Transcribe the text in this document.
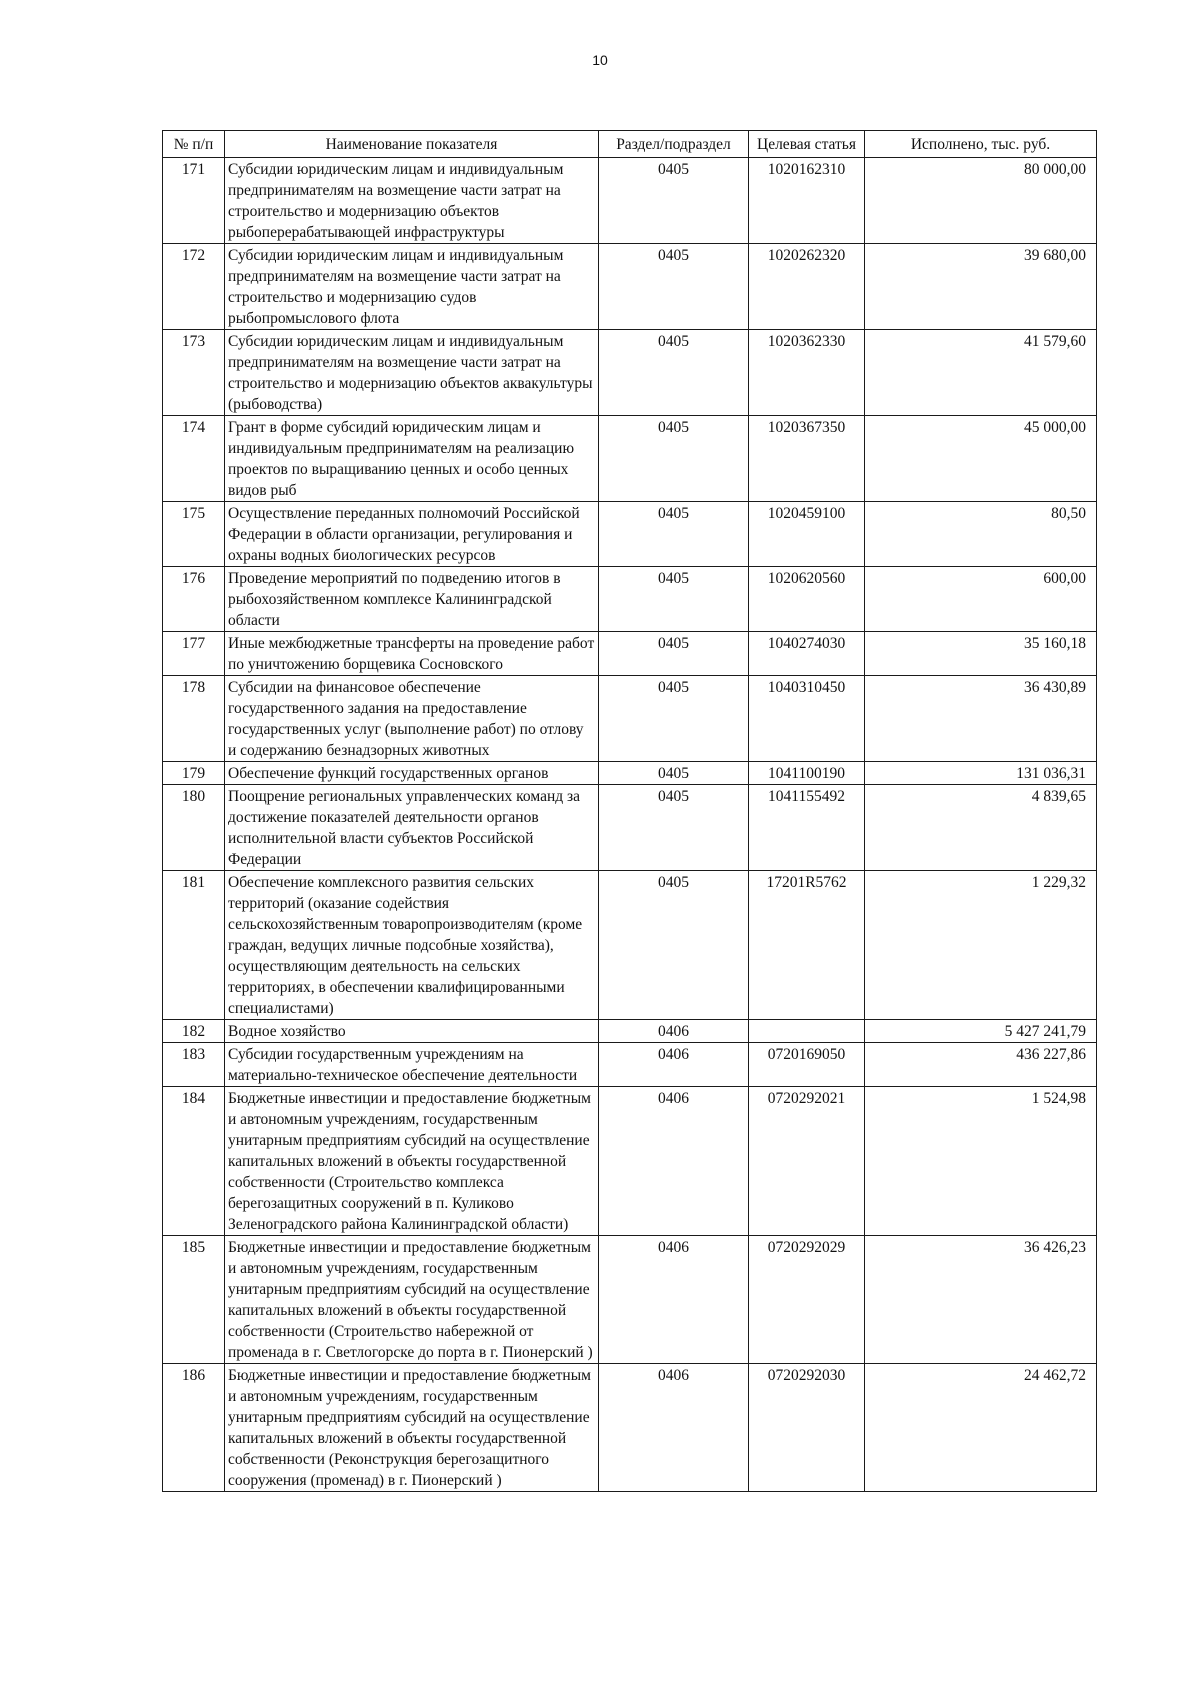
10
№ п/п	Наименование показателя	Раздел/подраздел	Целевая статья	Исполнено, тыс. руб.
171	Субсидии юридическим лицам и индивидуальным предпринимателям на возмещение части затрат на строительство и модернизацию объектов рыбоперерабатывающей инфраструктуры	0405	1020162310	80 000,00
172	Субсидии юридическим лицам и индивидуальным предпринимателям на возмещение части затрат на строительство и модернизацию судов рыбопромыслового флота	0405	1020262320	39 680,00
173	Субсидии юридическим лицам и индивидуальным предпринимателям на возмещение части затрат на строительство и модернизацию объектов аквакультуры (рыбоводства)	0405	1020362330	41 579,60
174	Грант в форме субсидий юридическим лицам и индивидуальным предпринимателям на реализацию проектов по выращиванию ценных и особо ценных видов рыб	0405	1020367350	45 000,00
175	Осуществление переданных полномочий Российской Федерации в области организации, регулирования и охраны водных биологических ресурсов	0405	1020459100	80,50
176	Проведение мероприятий по подведению итогов в рыбохозяйственном комплексе Калининградской области	0405	1020620560	600,00
177	Иные межбюджетные трансферты на проведение работ по уничтожению борщевика Сосновского	0405	1040274030	35 160,18
178	Субсидии на финансовое обеспечение государственного задания на предоставление государственных услуг (выполнение работ) по отлову и содержанию безнадзорных животных	0405	1040310450	36 430,89
179	Обеспечение функций государственных органов	0405	1041100190	131 036,31
180	Поощрение региональных управленческих команд за достижение показателей деятельности органов исполнительной власти субъектов Российской Федерации	0405	1041155492	4 839,65
181	Обеспечение комплексного развития сельских территорий (оказание содействия сельскохозяйственным товаропроизводителям (кроме граждан, ведущих личные подсобные хозяйства), осуществляющим деятельность на сельских территориях, в обеспечении квалифицированными специалистами)	0405	17201R5762	1 229,32
182	Водное хозяйство	0406		5 427 241,79
183	Субсидии государственным учреждениям на материально-техническое обеспечение деятельности	0406	0720169050	436 227,86
184	Бюджетные инвестиции и предоставление бюджетным и автономным учреждениям, государственным унитарным предприятиям субсидий на осуществление капитальных вложений в объекты государственной собственности (Строительство комплекса берегозащитных сооружений в п. Куликово Зеленоградского района Калининградской области)	0406	0720292021	1 524,98
185	Бюджетные инвестиции и предоставление бюджетным и автономным учреждениям, государственным унитарным предприятиям субсидий на осуществление капитальных вложений в объекты государственной собственности (Строительство набережной от променада в г. Светлогорске до порта в г. Пионерский )	0406	0720292029	36 426,23
186	Бюджетные инвестиции и предоставление бюджетным и автономным учреждениям, государственным унитарным предприятиям субсидий на осуществление капитальных вложений в объекты государственной собственности (Реконструкция берегозащитного сооружения (променад) в г. Пионерский )	0406	0720292030	24 462,72
